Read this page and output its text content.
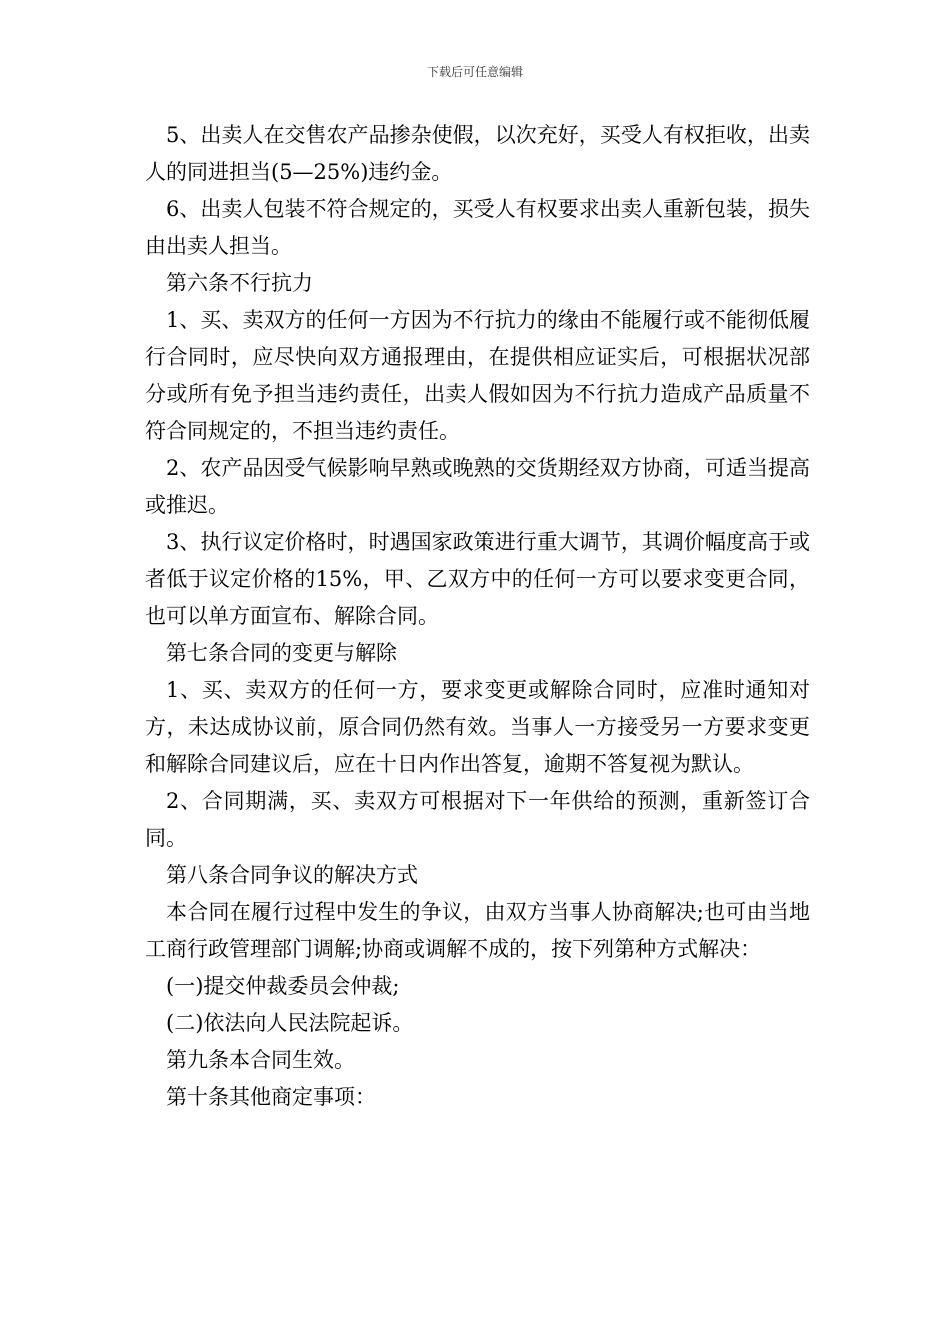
下载后可任意编辑

5、出卖人在交售农产品掺杂使假，以次充好，买受人有权拒收，出卖人的同进担当(5—25%)违约金。

6、出卖人包装不符合规定的，买受人有权要求出卖人重新包装，损失由出卖人担当。

第六条不行抗力

1、买、卖双方的任何一方因为不行抗力的缘由不能履行或不能彻低履行合同时，应尽快向双方通报理由，在提供相应证实后，可根据状况部分或所有免予担当违约责任，出卖人假如因为不行抗力造成产品质量不符合同规定的，不担当违约责任。

2、农产品因受气候影响早熟或晚熟的交货期经双方协商，可适当提高或推迟。

3、执行议定价格时，时遇国家政策进行重大调节，其调价幅度高于或者低于议定价格的15%，甲、乙双方中的任何一方可以要求变更合同，也可以单方面宣布、解除合同。

第七条合同的变更与解除

1、买、卖双方的任何一方，要求变更或解除合同时，应准时通知对方，未达成协议前，原合同仍然有效。当事人一方接受另一方要求变更和解除合同建议后，应在十日内作出答复，逾期不答复视为默认。

2、合同期满，买、卖双方可根据对下一年供给的预测，重新签订合同。

第八条合同争议的解决方式

本合同在履行过程中发生的争议，由双方当事人协商解决;也可由当地工商行政管理部门调解;协商或调解不成的，按下列第种方式解决：

(一)提交仲裁委员会仲裁;

(二)依法向人民法院起诉。

第九条本合同生效。

第十条其他商定事项：
